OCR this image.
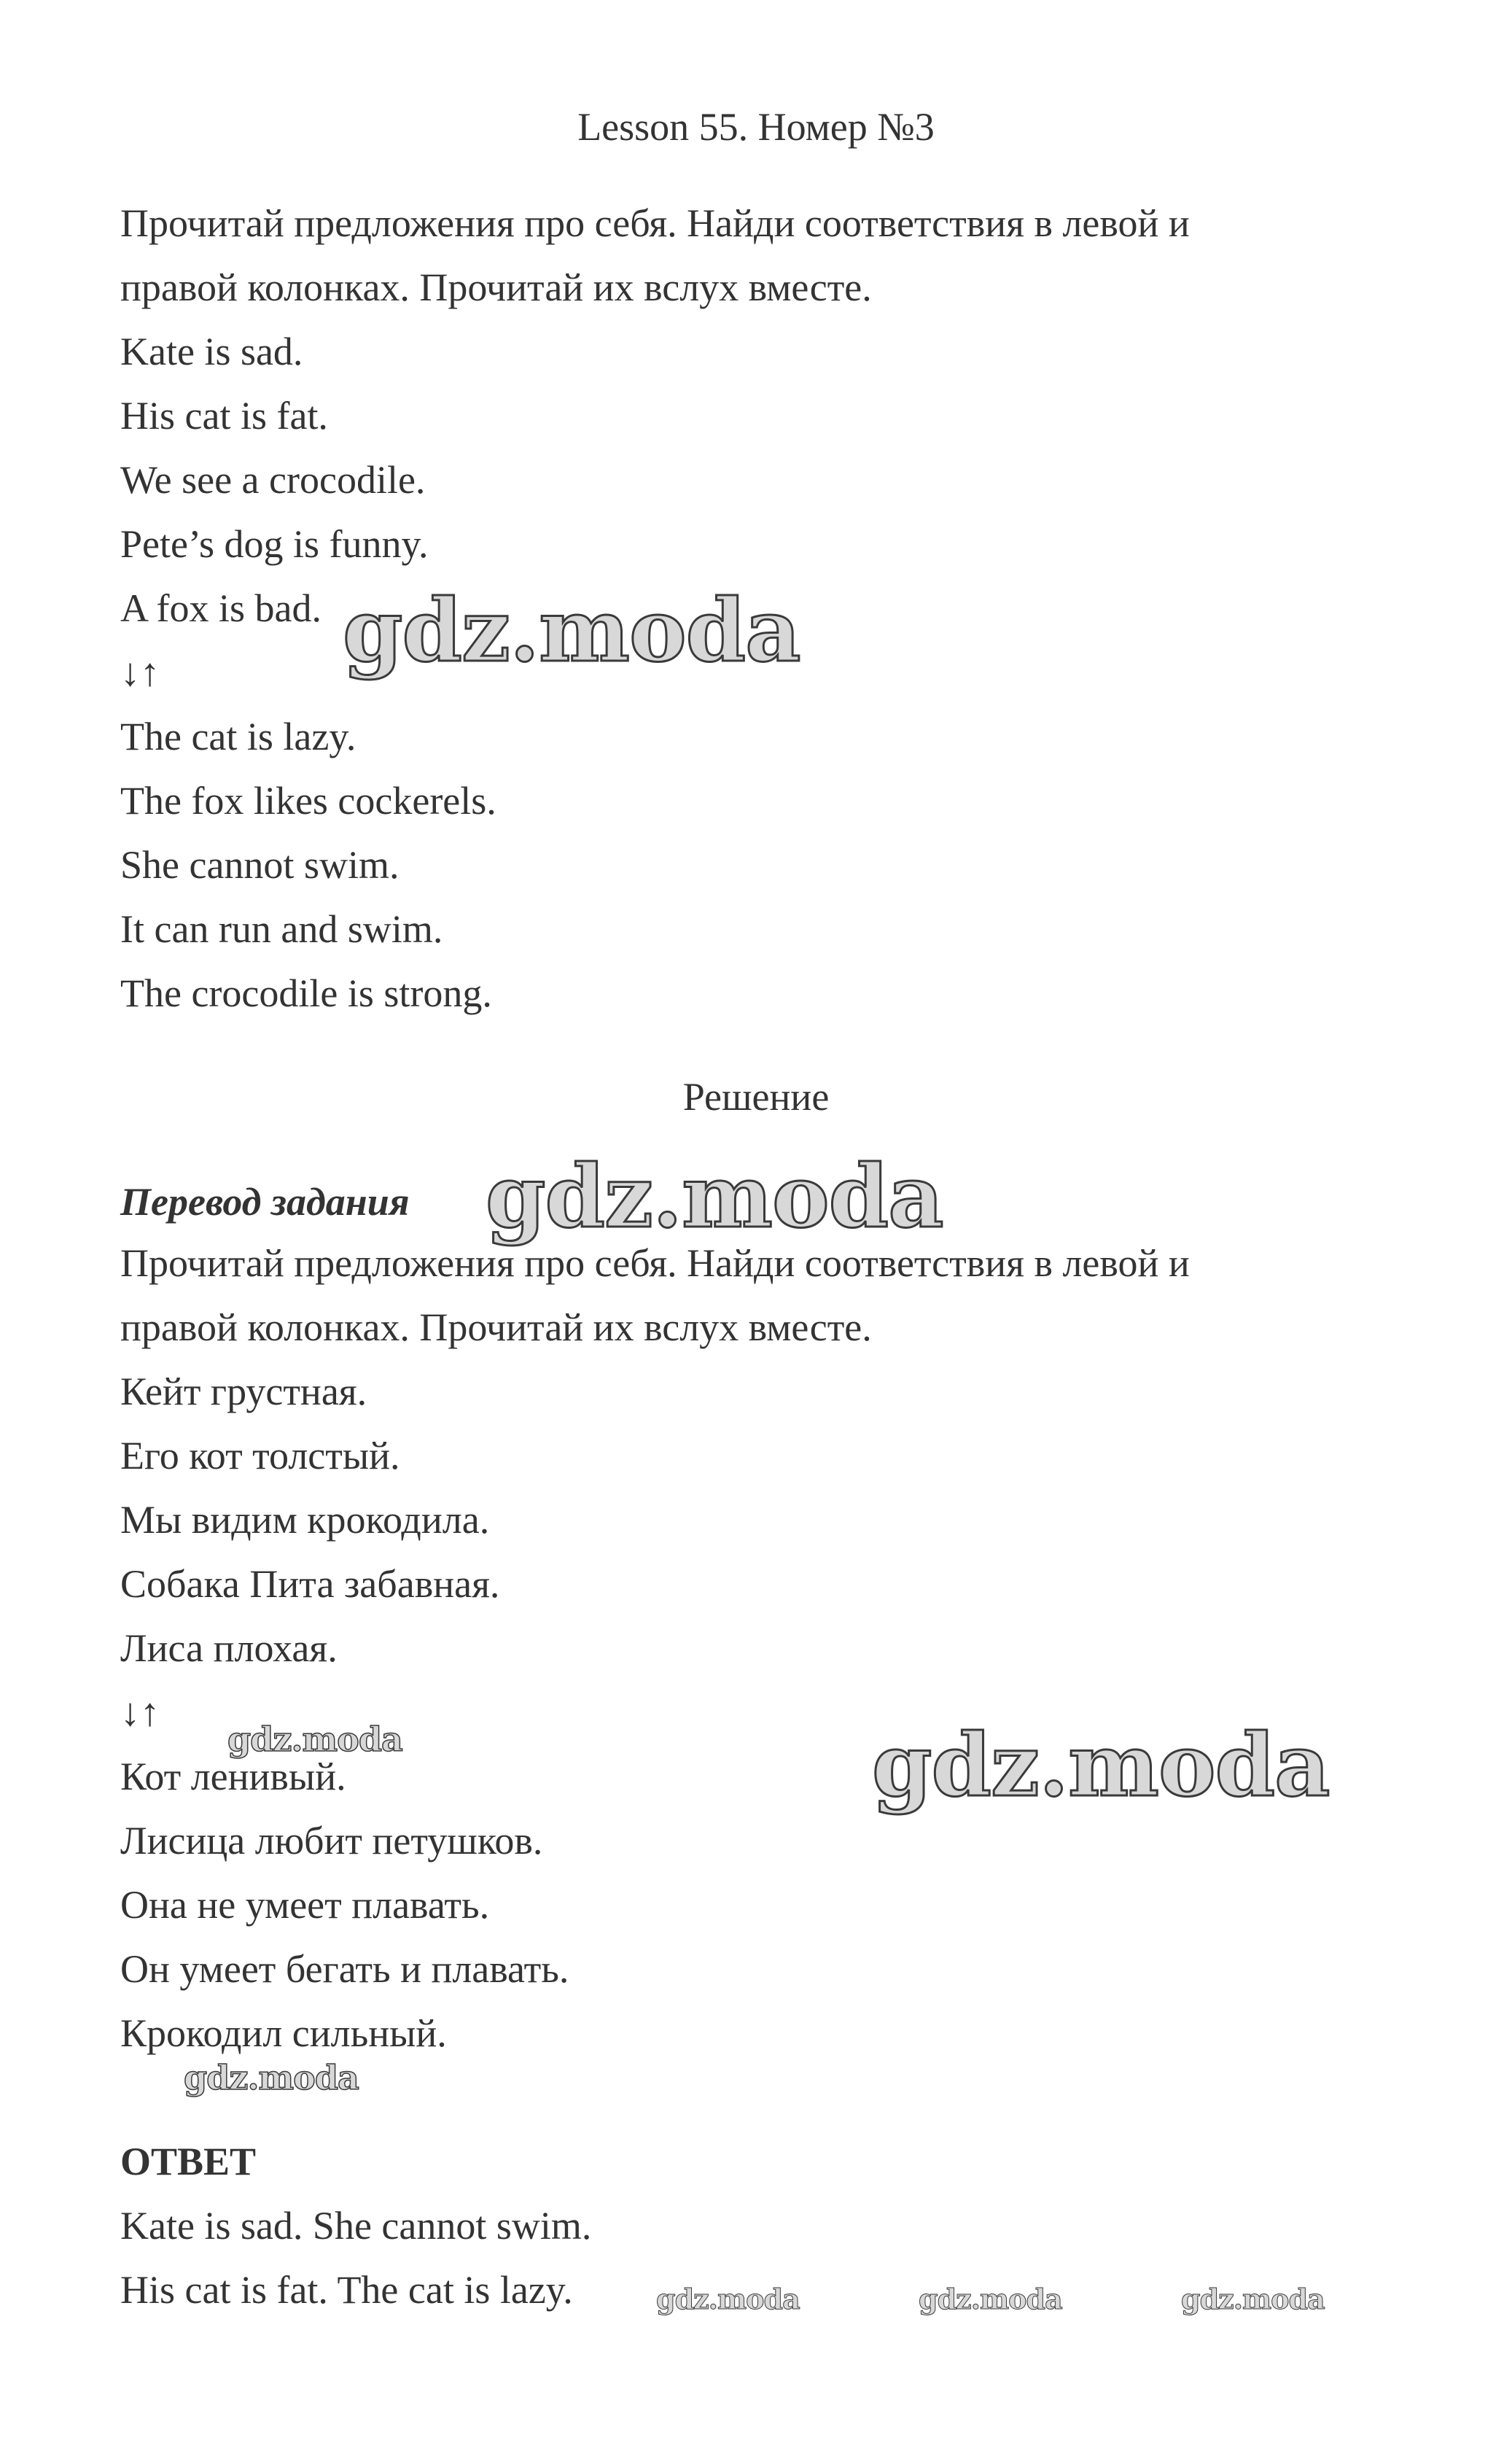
Lesson 55. Номер №3
Прочитай предложения про себя. Найди соответствия в левой и
правой колонках. Прочитай их вслух вместе.
Kate is sad.
His cat is fat.
We see a crocodile.
Pete’s dog is funny.
A fox is bad.
↓↑
The cat is lazy.
The fox likes cockerels.
She cannot swim.
It can run and swim.
The crocodile is strong.
Решение
Перевод задания
Прочитай предложения про себя. Найди соответствия в левой и
правой колонках. Прочитай их вслух вместе.
Кейт грустная.
Его кот толстый.
Мы видим крокодила.
Собака Пита забавная.
Лиса плохая.
↓↑
Кот ленивый.
Лисица любит петушков.
Она не умеет плавать.
Он умеет бегать и плавать.
Крокодил сильный.
ОТВЕТ
Kate is sad. She cannot swim.
His cat is fat. The cat is lazy.
gdz.moda
gdz.moda
gdz.moda	gdz.moda
gdz.moda
gdz.moda	gdz.moda	gdz.moda
